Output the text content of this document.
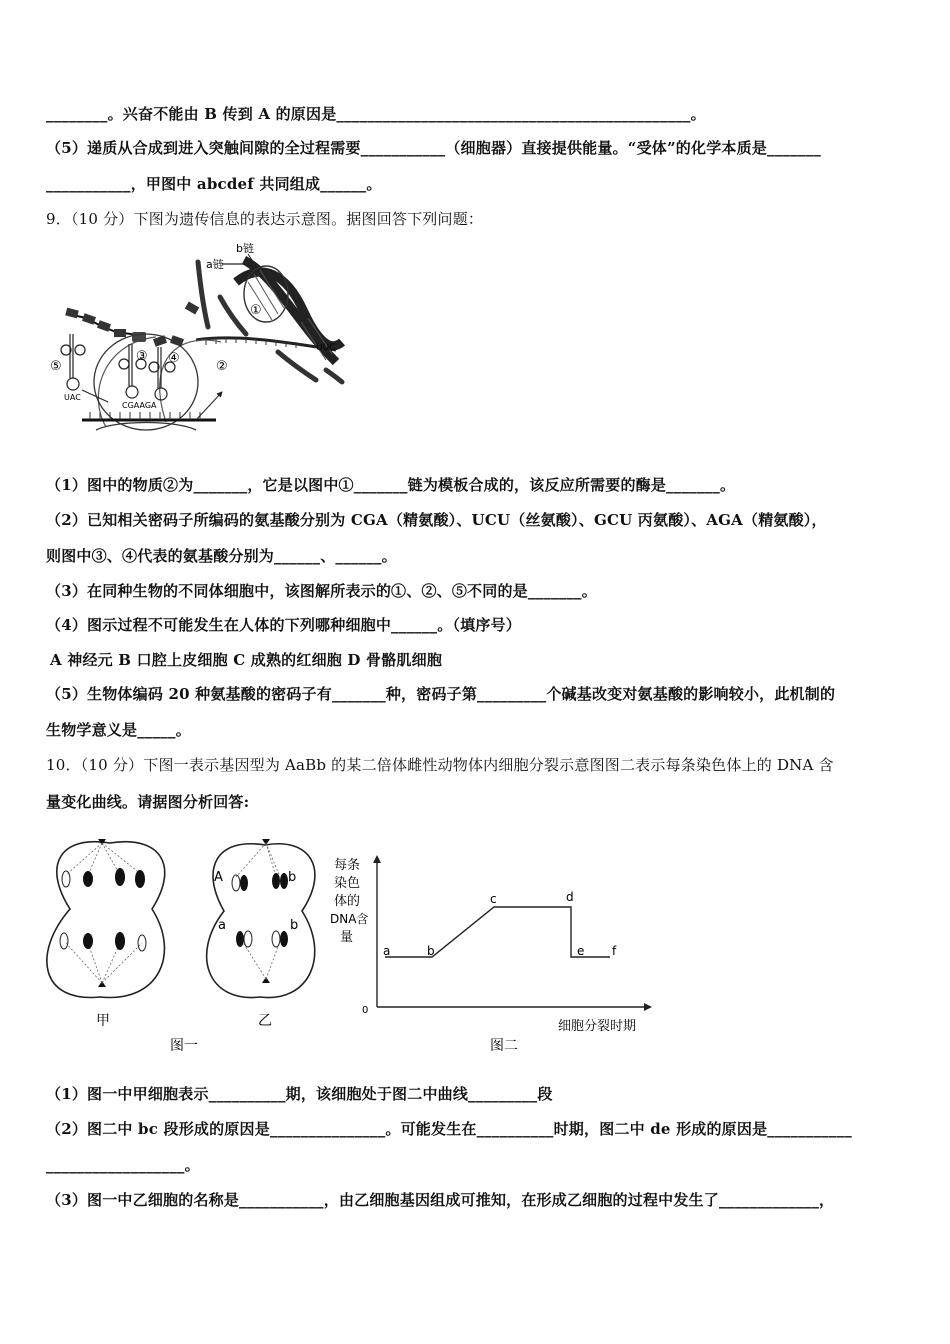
________。兴奋不能由 B 传到 A 的原因是______________________________________________。
（5）递质从合成到进入突触间隙的全过程需要___________（细胞器）直接提供能量。“受体”的化学本质是_______
___________，甲图中 abcdef 共同组成______。
9．（10 分）下图为遗传信息的表达示意图。据图回答下列问题：
b链
a链
①
UUC
②
UAC
⑤
③ ④
CGAAGA
（1）图中的物质②为_______，它是以图中①_______链为模板合成的，该反应所需要的酶是_______。
（2）已知相关密码子所编码的氨基酸分别为 CGA（精氨酸）、UCU（丝氨酸）、GCU 丙氨酸）、AGA（精氨酸），
则图中③、④代表的氨基酸分别为______、______。
（3）在同种生物的不同体细胞中，该图解所表示的①、②、⑤不同的是_______。
（4）图示过程不可能发生在人体的下列哪种细胞中______。（填序号）
A 神经元 B 口腔上皮细胞 C 成熟的红细胞 D 骨骼肌细胞
（5）生物体编码 20 种氨基酸的密码子有_______种，密码子第_________个碱基改变对氨基酸的影响较小，此机制的
生物学意义是_____。
10．（10 分）下图一表示基因型为 AaBb 的某二倍体雌性动物体内细胞分裂示意图图二表示每条染色体上的 DNA 含
量变化曲线。请据图分析回答:
甲
A	b
a	b
乙
图一
每条
染色
体的
DNA含
量
0
细胞分裂时期
a	b
c	d
e f
图二
（1）图一中甲细胞表示__________期，该细胞处于图二中曲线_________段
（2）图二中 bc 段形成的原因是_______________。可能发生在__________时期，图二中 de 形成的原因是___________
__________________。
（3）图一中乙细胞的名称是___________，由乙细胞基因组成可推知，在形成乙细胞的过程中发生了_____________，
